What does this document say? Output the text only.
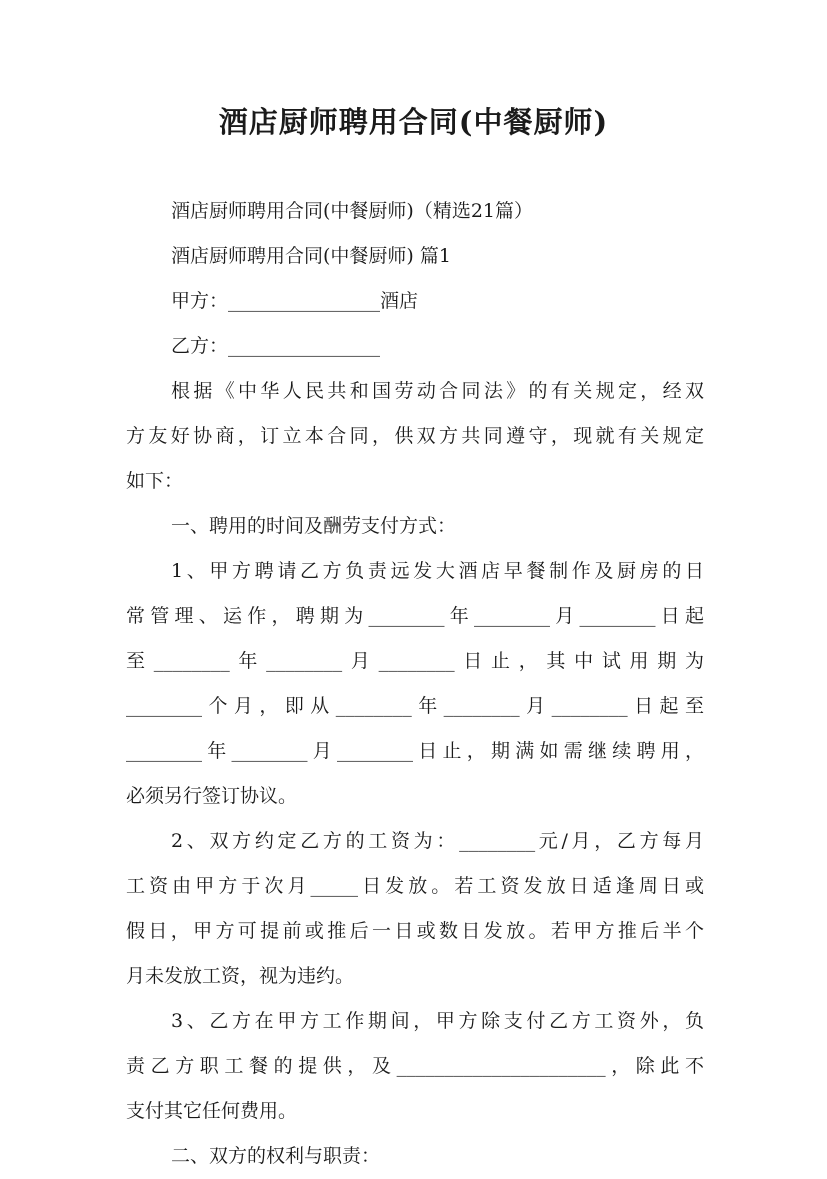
酒店厨师聘用合同(中餐厨师)
酒店厨师聘用合同(中餐厨师)（精选21篇）
酒店厨师聘用合同(中餐厨师) 篇1
甲方：________________酒店
乙方：________________
根据《中华人民共和国劳动合同法》的有关规定，经双
方友好协商，订立本合同，供双方共同遵守，现就有关规定
如下：
一、聘用的时间及酬劳支付方式：
1、甲方聘请乙方负责远发大酒店早餐制作及厨房的日
常管理、运作，聘期为________年________月________日起
至________年________月________日止，其中试用期为
________个月，即从________年________月________日起至
________年________月________日止，期满如需继续聘用，
必须另行签订协议。
2、双方约定乙方的工资为：________元/月，乙方每月
工资由甲方于次月_____日发放。若工资发放日适逢周日或
假日，甲方可提前或推后一日或数日发放。若甲方推后半个
月未发放工资，视为违约。
3、乙方在甲方工作期间，甲方除支付乙方工资外，负
责乙方职工餐的提供，及______________________，除此不
支付其它任何费用。
二、双方的权利与职责：
